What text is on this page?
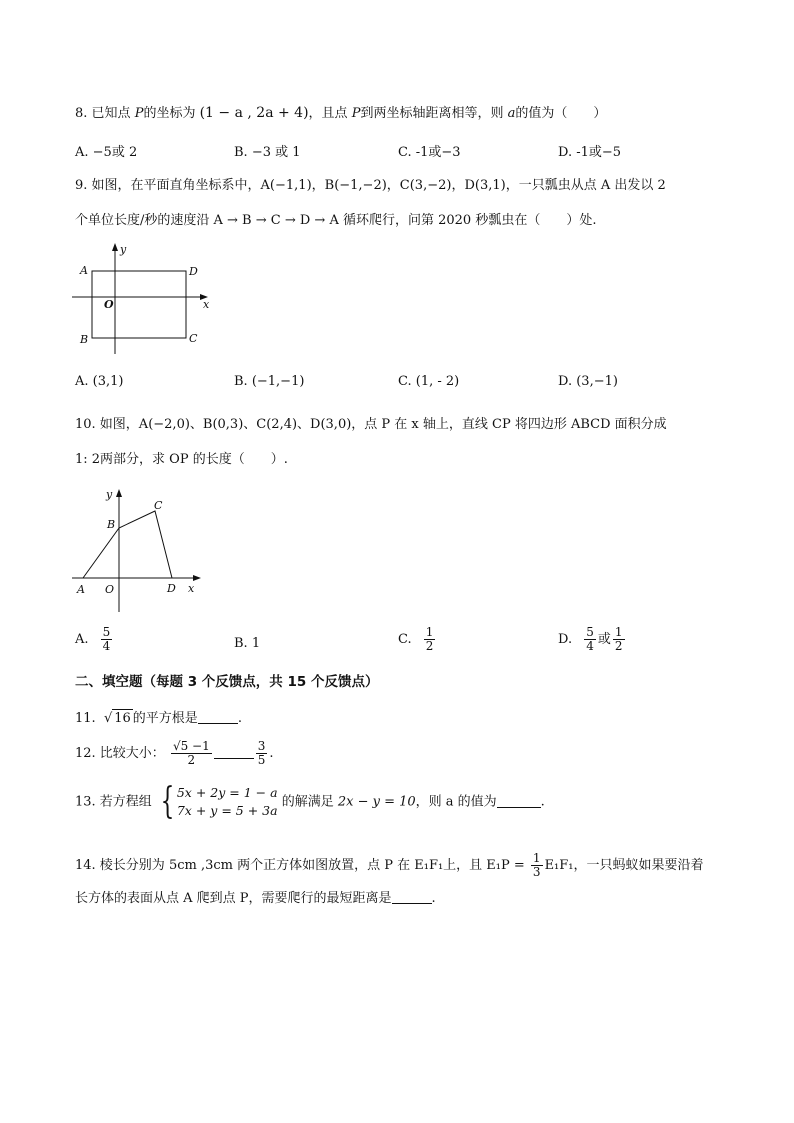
8. 已知点 P的坐标为 (1 − a , 2a + 4)，且点 P到两坐标轴距离相等，则 a的值为（　　）
A. −5或 2	B. −3 或 1	C. -1或−3	D. -1或−5
9. 如图，在平面直角坐标系中，A(−1,1)，B(−1,−2)，C(3,−2)，D(3,1)，一只瓢虫从点 A 出发以 2
个单位长度/秒的速度沿 A → B → C → D → A 循环爬行，问第 2020 秒瓢虫在（　　）处.
A
B	C
D
O
y
x
A. (3,1)	B. (−1,−1)	C. (1, - 2)	D. (3,−1)
10. 如图，A(−2,0)、B(0,3)、C(2,4)、D(3,0)，点 P 在 x 轴上，直线 CP 将四边形 ABCD 面积分成
1: 2两部分，求 OP 的长度（　　）.
A
B
C
D
O
y
x
A. $\frac{5}{4}$	B. 1	C. $\frac{1}{2}$	D. $\frac{5}{4}$ 或 $\frac{1}{2}$
二、填空题（每题 3 个反馈点，共 15 个反馈点）
11.  √ 16 的平方根是	.
12. 比较大小： $\frac{√5 -1}{2}$	$\frac{3}{5}$ .
13. 若方程组 { 5x + 2y = 1 − a
7x + y = 5 + 3a
的解满足 2x − y = 10，则 a 的值为	.
14. 棱长分别为 5cm ,3cm 两个正方体如图放置，点 P 在 E₁F₁上，且 $E_1P = \frac{1}{3} E_1F_1$，一只蚂蚁如果要沿着
长方体的表面从点 A 爬到点 P，需要爬行的最短距离是	.
